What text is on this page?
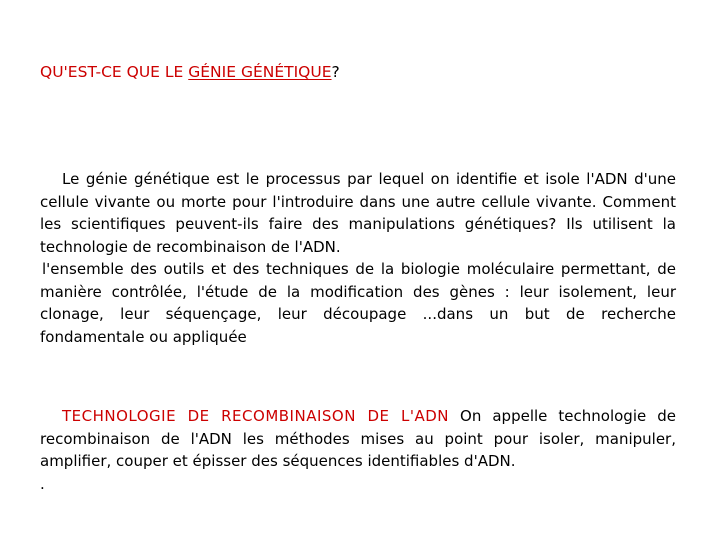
QU'EST-CE QUE LE GÉNIE GÉNÉTIQUE?

Le génie génétique est le processus par lequel on identifie et isole l'ADN d'une cellule vivante ou morte pour l'introduire dans une autre cellule vivante. Comment les scientifiques peuvent-ils faire des manipulations génétiques? Ils utilisent la technologie de recombinaison de l'ADN.

l'ensemble des outils et des techniques de la biologie moléculaire permettant, de manière contrôlée, l'étude de la modification des gènes : leur isolement, leur clonage, leur séquençage, leur découpage ...dans un but de recherche fondamentale ou appliquée

TECHNOLOGIE DE RECOMBINAISON DE L'ADN On appelle technologie de recombinaison de l'ADN les méthodes mises au point pour isoler, manipuler, amplifier, couper et épisser des séquences identifiables d'ADN.

.
